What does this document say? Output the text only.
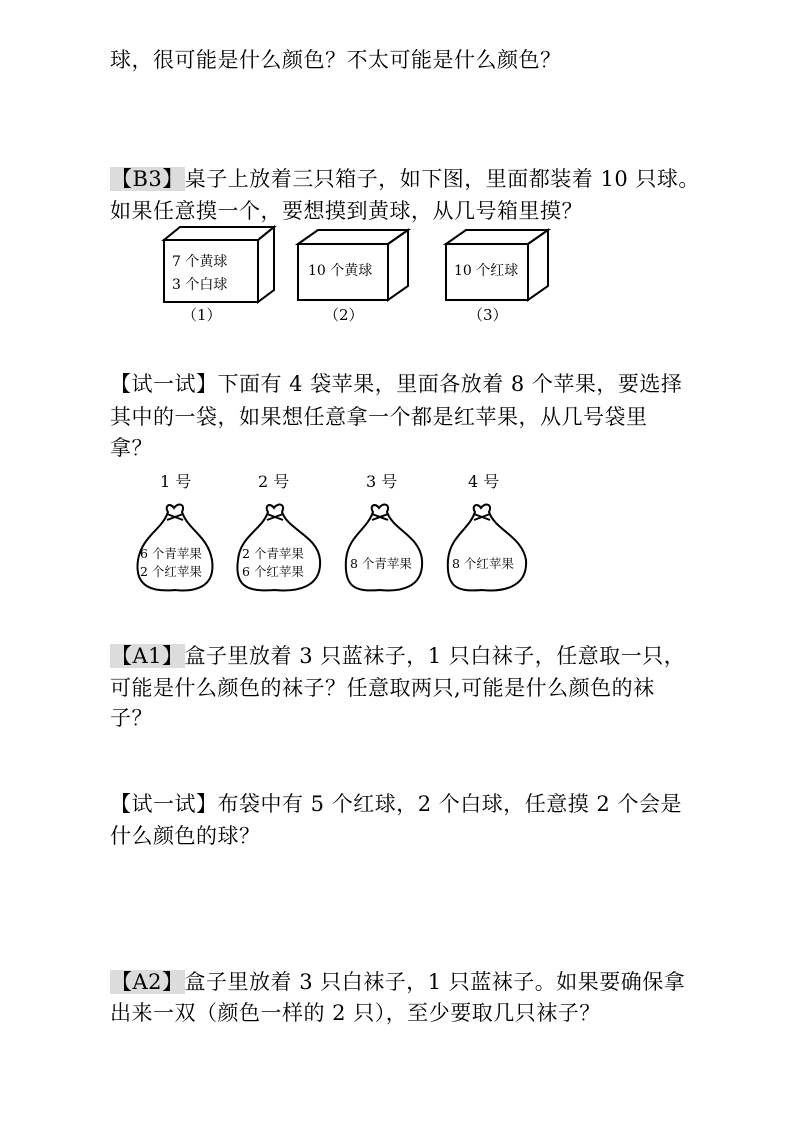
球，很可能是什么颜色？不太可能是什么颜色？
【B3】桌子上放着三只箱子，如下图，里面都装着 10 只球。
如果任意摸一个，要想摸到黄球，从几号箱里摸？
7 个黄球
3 个白球
（1）
10 个黄球
（2）
10 个红球
（3）
【试一试】下面有 4 袋苹果，里面各放着 8 个苹果，要选择
其中的一袋，如果想任意拿一个都是红苹果，从几号袋里
拿？
1 号
6 个青苹果
2 个红苹果
2 号
2 个青苹果
6 个红苹果
3 号
8 个青苹果
4 号
8 个红苹果
【A1】盒子里放着 3 只蓝袜子，1 只白袜子，任意取一只，
可能是什么颜色的袜子？任意取两只,可能是什么颜色的袜
子？
【试一试】布袋中有 5 个红球，2 个白球，任意摸 2 个会是
什么颜色的球？
【A2】盒子里放着 3 只白袜子，1 只蓝袜子。如果要确保拿
出来一双（颜色一样的 2 只），至少要取几只袜子？
